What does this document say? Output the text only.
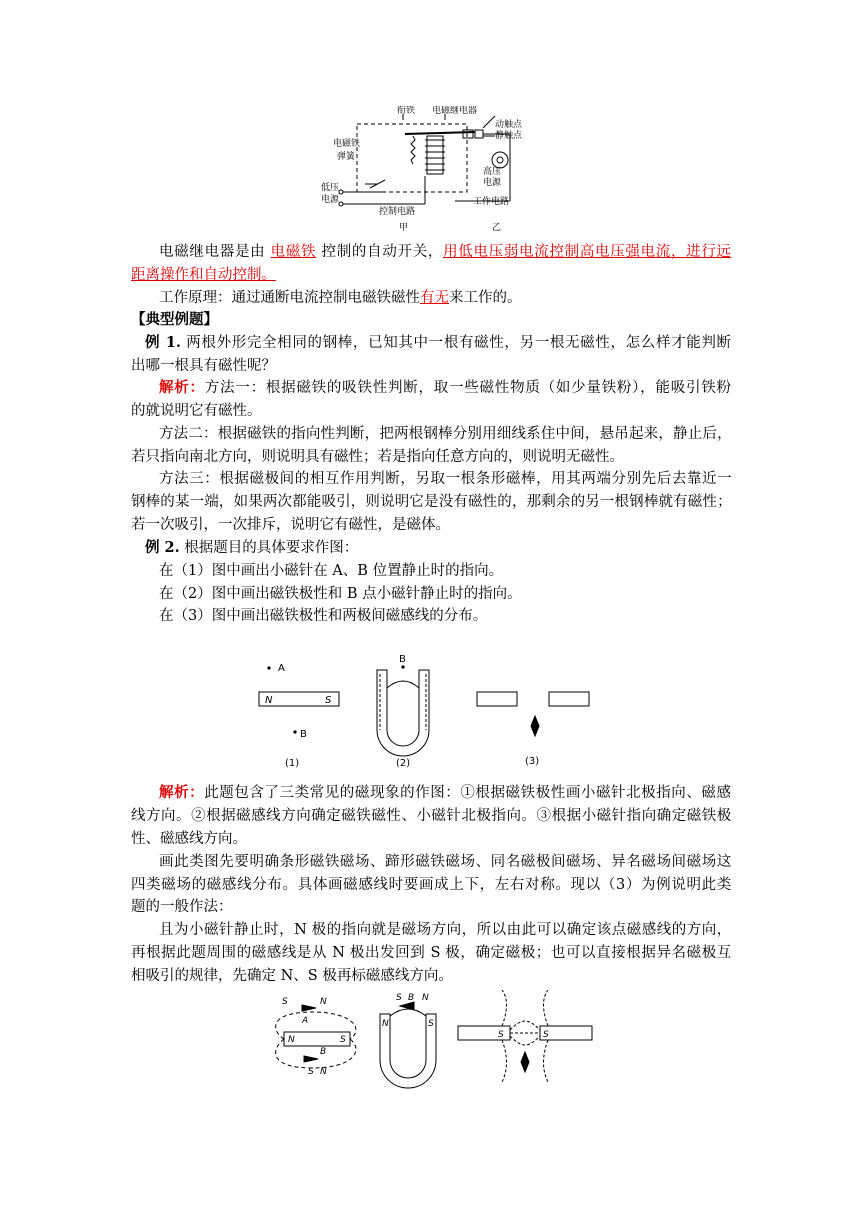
衔铁 电磁继电器
动触点
静触点
电磁铁
弹簧
低压
电源
高压
电源
控制电路
工作电路
甲	乙
电磁继电器是由 电磁铁 控制的自动开关，用低电压弱电流控制高电压强电流，进行远
距离操作和自动控制。
工作原理：通过通断电流控制电磁铁磁性有无来工作的。
【典型例题】
例 1. 两根外形完全相同的钢棒，已知其中一根有磁性，另一根无磁性，怎么样才能判断
出哪一根具有磁性呢？
解析：方法一：根据磁铁的吸铁性判断，取一些磁性物质（如少量铁粉），能吸引铁粉
的就说明它有磁性。
方法二：根据磁铁的指向性判断，把两根钢棒分别用细线系住中间，悬吊起来，静止后，
若只指向南北方向，则说明具有磁性；若是指向任意方向的，则说明无磁性。
方法三：根据磁极间的相互作用判断，另取一根条形磁棒，用其两端分别先后去靠近一
钢棒的某一端，如果两次都能吸引，则说明它是没有磁性的，那剩余的另一根钢棒就有磁性；
若一次吸引，一次排斥，说明它有磁性，是磁体。
例 2. 根据题目的具体要求作图：
在（1）图中画出小磁针在 A、B 位置静止时的指向。
在（2）图中画出磁铁极性和 B 点小磁针静止时的指向。
在（3）图中画出磁铁极性和两极间磁感线的分布。
A
B
B
N	S
(1)	(2)	(3)
解析：此题包含了三类常见的磁现象的作图：①根据磁铁极性画小磁针北极指向、磁感
线方向。②根据磁感线方向确定磁铁磁性、小磁针北极指向。③根据小磁针指向确定磁铁极
性、磁感线方向。
画此类图先要明确条形磁铁磁场、蹄形磁铁磁场、同名磁极间磁场、异名磁场间磁场这
四类磁场的磁感线分布。具体画磁感线时要画成上下，左右对称。现以（3）为例说明此类
题的一般作法：
且为小磁针静止时，N 极的指向就是磁场方向，所以由此可以确定该点磁感线的方向，
再根据此题周围的磁感线是从 N 极出发回到 S 极，确定磁极；也可以直接根据异名磁极互
相吸引的规律，先确定 N、S 极再标磁感线方向。
S	N
A
N	S
B
S N
S B N
N	S
S	S
